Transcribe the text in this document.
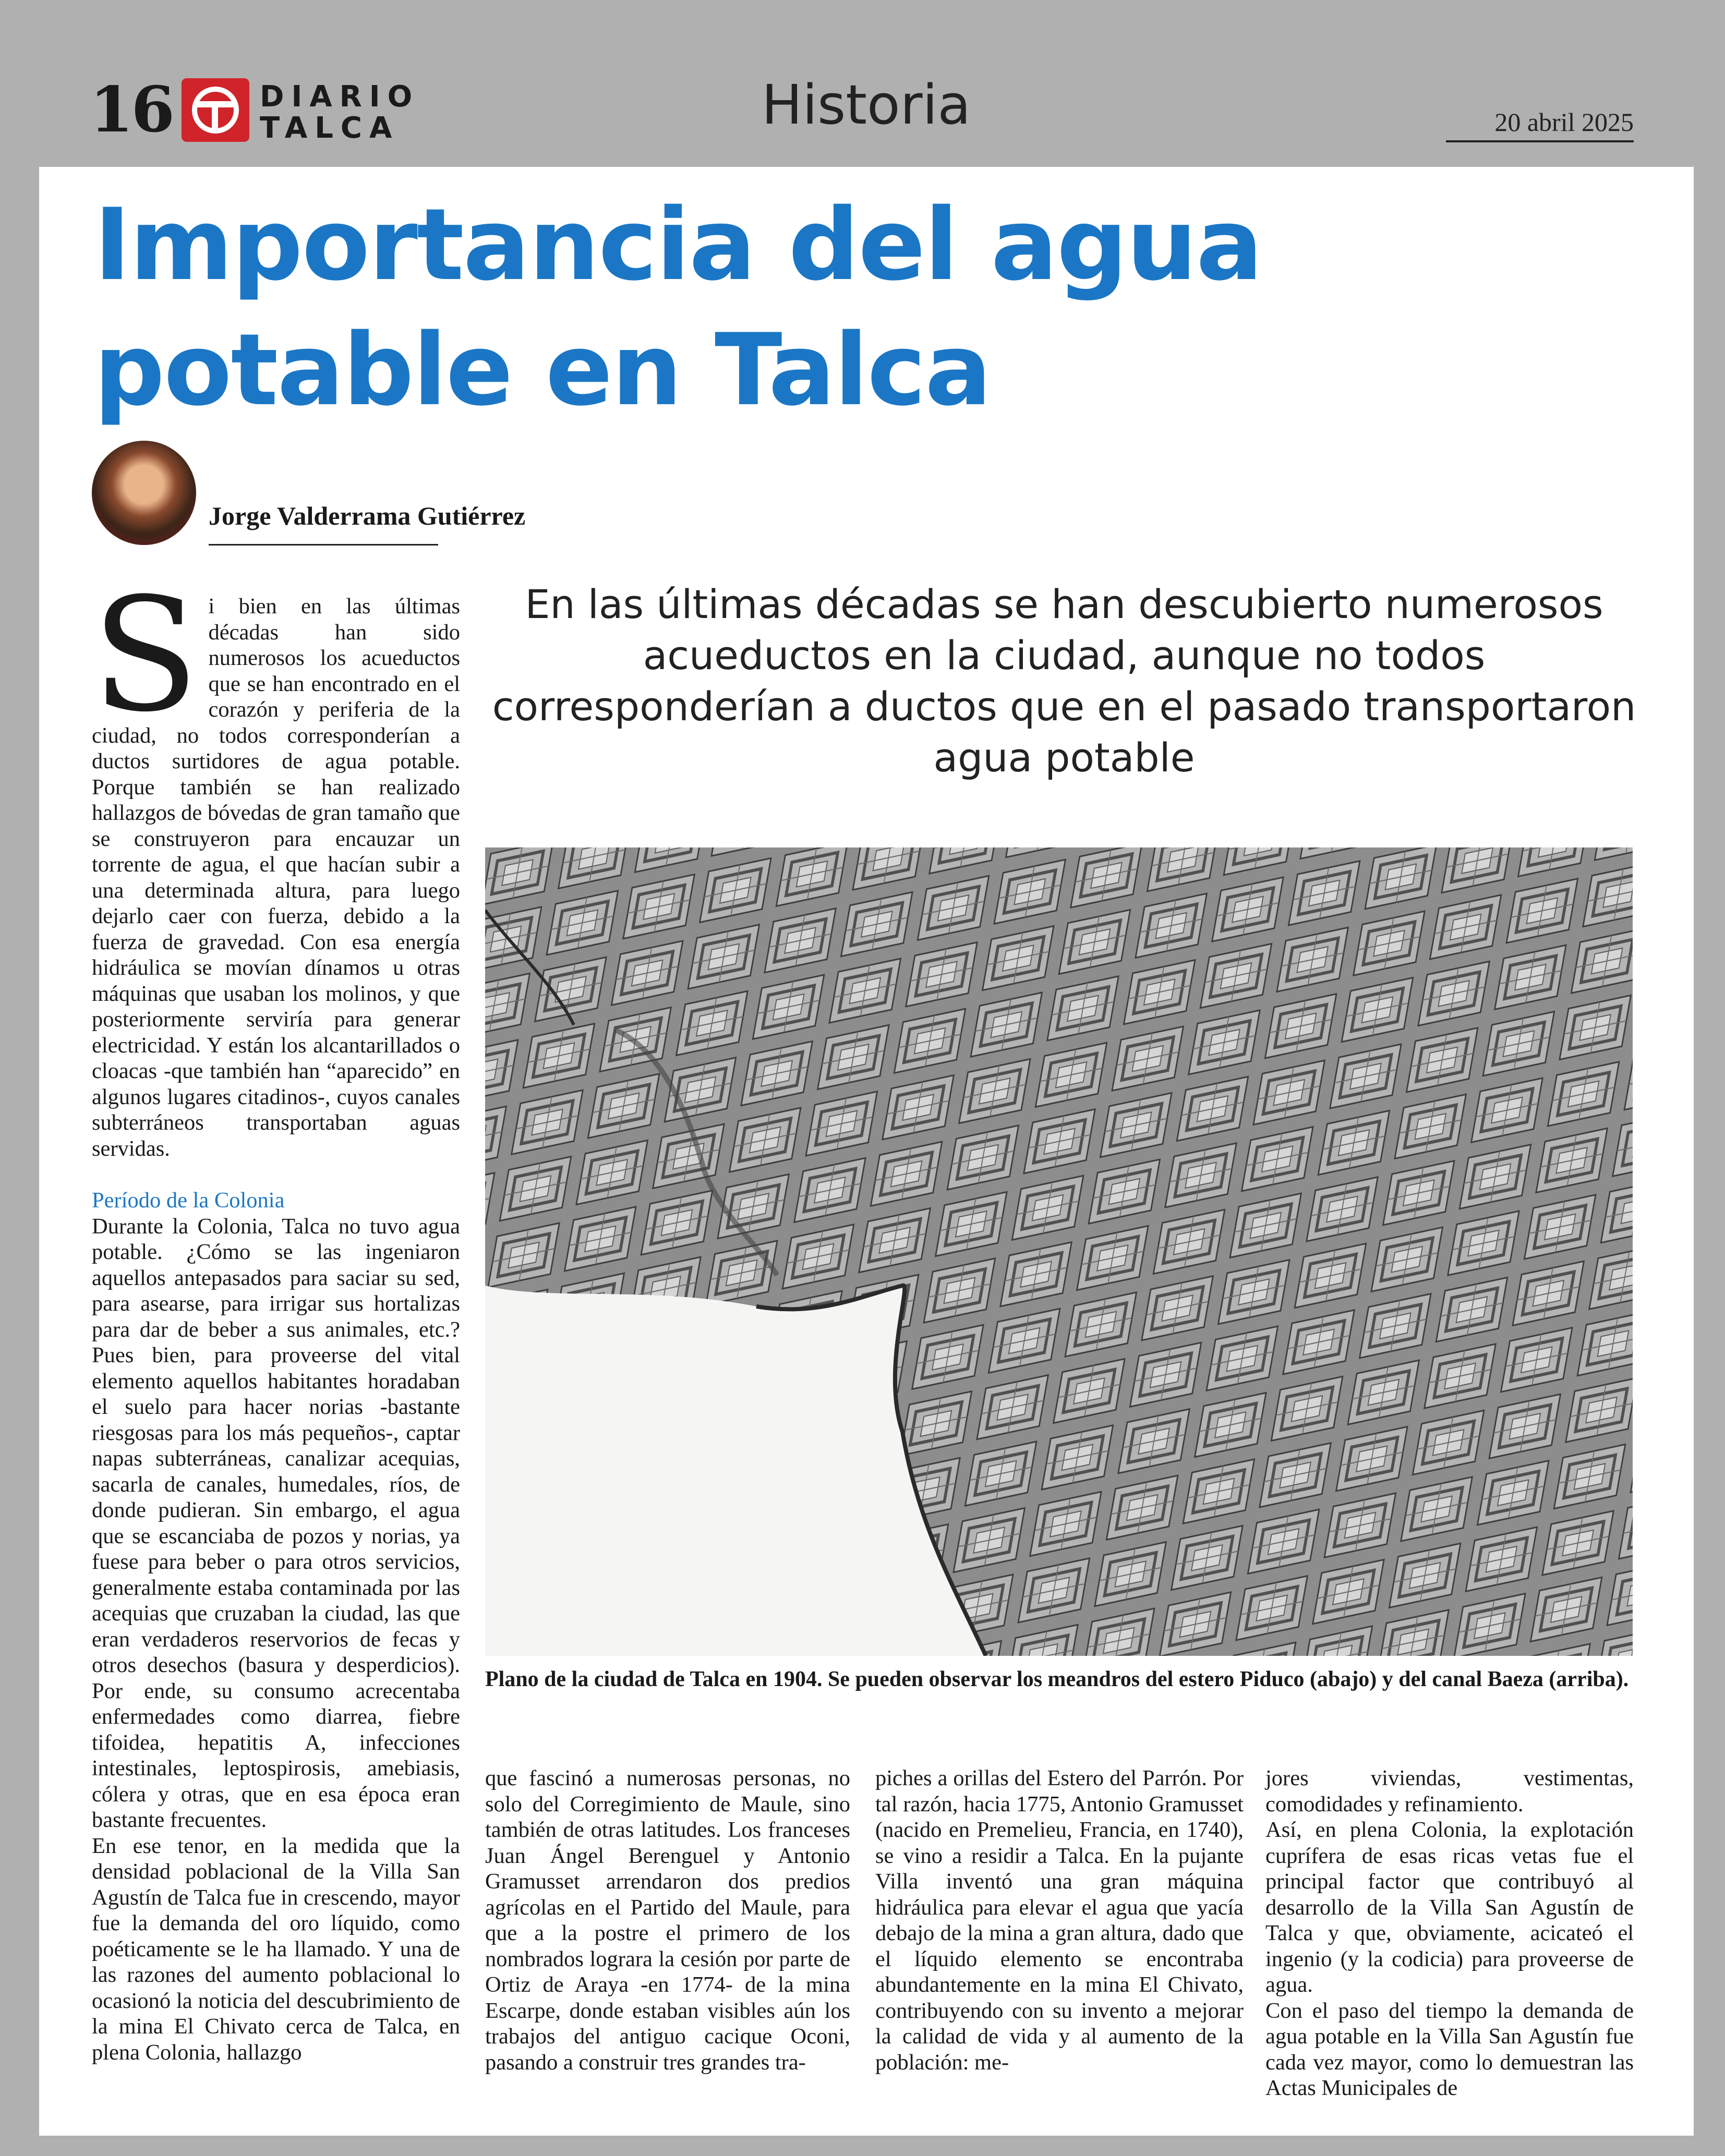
16	DIARIO
TALCA	Historia	20 abril 2025
Importancia del agua
potable en Talca
Jorge Valderrama Gutiérrez

Si bien en las últimas décadas han sido numerosos los acueductos que se han encontrado en el corazón y periferia de la ciudad, no todos corresponderían a ductos surtidores de agua potable. Porque también se han realizado hallazgos de bóvedas de gran tamaño que se construyeron para encauzar un torrente de agua, el que hacían subir a una determinada altura, para luego dejarlo caer con fuerza, debido a la fuerza de gravedad. Con esa energía hidráulica se movían dínamos u otras máquinas que usaban los molinos, y que posteriormente serviría para generar electricidad. Y están los alcantarillados o cloacas -que también han “aparecido” en algunos lugares citadinos-, cuyos canales subterráneos transportaban aguas servidas.

Período de la Colonia

Durante la Colonia, Talca no tuvo agua potable. ¿Cómo se las ingeniaron aquellos antepasados para saciar su sed, para asearse, para irrigar sus hortalizas para dar de beber a sus animales, etc.? Pues bien, para proveerse del vital elemento aquellos habitantes horadaban el suelo para hacer norias -bastante riesgosas para los más pequeños-, captar napas subterráneas, canalizar acequias, sacarla de canales, humedales, ríos, de donde pudieran. Sin embargo, el agua que se escanciaba de pozos y norias, ya fuese para beber o para otros servicios, generalmente estaba contaminada por las acequias que cruzaban la ciudad, las que eran verdaderos reservorios de fecas y otros desechos (basura y desperdicios). Por ende, su consumo acrecentaba enfermedades como diarrea, fiebre tifoidea, hepatitis A, infecciones intestinales, leptospirosis, amebiasis, cólera y otras, que en esa época eran bastante frecuentes.

En ese tenor, en la medida que la densidad poblacional de la Villa San Agustín de Talca fue in crescendo, mayor fue la demanda del oro líquido, como poéticamente se le ha llamado. Y una de las razones del aumento poblacional lo ocasionó la noticia del descubrimiento de la mina El Chivato cerca de Talca, en plena Colonia, hallazgo

En las últimas décadas se han descubierto numerosos acueductos en la ciudad, aunque no todos corresponderían a ductos que en el pasado transportaron agua potable
Plano de la ciudad de Talca en 1904. Se pueden observar los meandros del estero Piduco (abajo) y del canal Baeza (arriba).

que fascinó a numerosas personas, no solo del Corregimiento de Maule, sino también de otras latitudes. Los franceses Juan Ángel Berenguel y Antonio Gramusset arrendaron dos predios agrícolas en el Partido del Maule, para que a la postre el primero de los nombrados lograra la cesión por parte de Ortiz de Araya -en 1774- de la mina Escarpe, donde estaban visibles aún los trabajos del antiguo cacique Oconi, pasando a construir tres grandes tra-

piches a orillas del Estero del Parrón. Por tal razón, hacia 1775, Antonio Gramusset (nacido en Premelieu, Francia, en 1740), se vino a residir a Talca. En la pujante Villa inventó una gran máquina hidráulica para elevar el agua que yacía debajo de la mina a gran altura, dado que el líquido elemento se encontraba abundantemente en la mina El Chivato, contribuyendo con su invento a mejorar la calidad de vida y al aumento de la población: me-

jores viviendas, vestimentas, comodidades y refinamiento.

Así, en plena Colonia, la explotación cuprífera de esas ricas vetas fue el principal factor que contribuyó al desarrollo de la Villa San Agustín de Talca y que, obviamente, acicateó el ingenio (y la codicia) para proveerse de agua.

Con el paso del tiempo la demanda de agua potable en la Villa San Agustín fue cada vez mayor, como lo demuestran las Actas Municipales de
